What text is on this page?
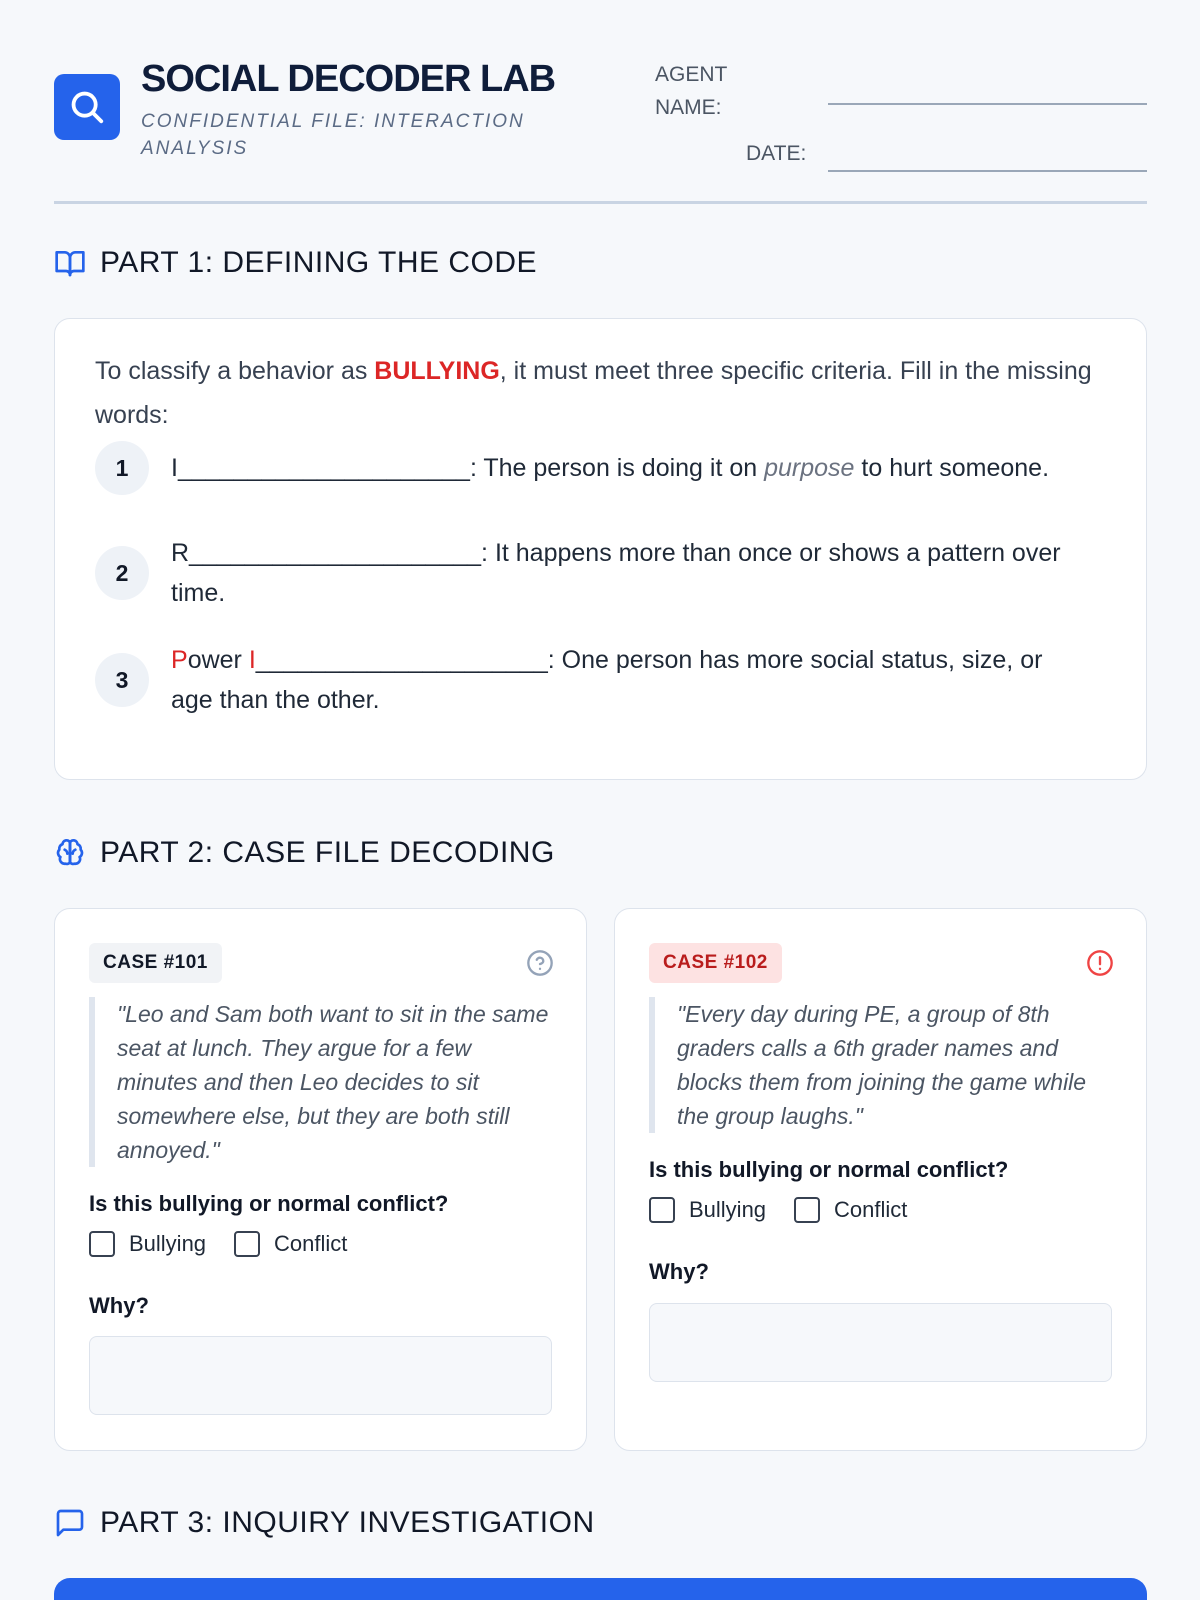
SOCIAL DECODER LAB
CONFIDENTIAL FILE: INTERACTION ANALYSIS
AGENT NAME:
DATE:
PART 1: DEFINING THE CODE
To classify a behavior as BULLYING, it must meet three specific criteria. Fill in the missing words:
1	I_____________________: The person is doing it on purpose to hurt someone.
2
R_____________________: It happens more than once or shows a pattern over time.
3
Power I_____________________: One person has more social status, size, or age than the other.
PART 2: CASE FILE DECODING
CASE #101
"Leo and Sam both want to sit in the same seat at lunch. They argue for a few minutes and then Leo decides to sit somewhere else, but they are both still annoyed."
Is this bullying or normal conflict?
Bullying	Conflict
Why?
CASE #102
"Every day during PE, a group of 8th graders calls a 6th grader names and blocks them from joining the game while the group laughs."
Is this bullying or normal conflict?
Bullying	Conflict
Why?
PART 3: INQUIRY INVESTIGATION
